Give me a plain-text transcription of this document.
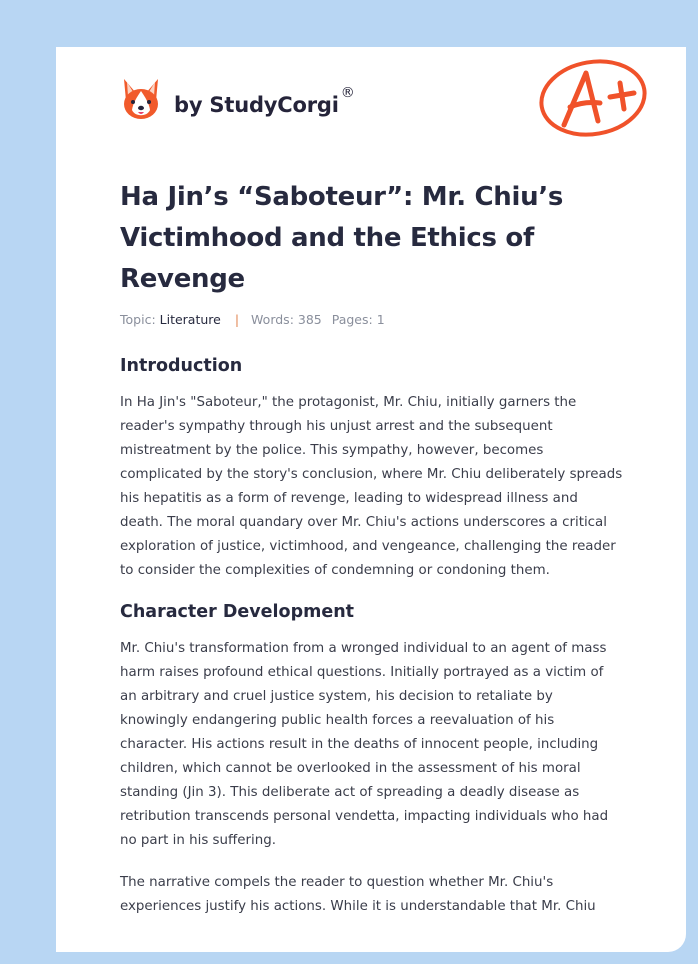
by StudyCorgi ®
Ha Jin’s “Saboteur”: Mr. Chiu’s Victimhood and the Ethics of Revenge
Topic: Literature | Words: 385 Pages: 1
Introduction

In Ha Jin's "Saboteur," the protagonist, Mr. Chiu, initially garners the reader's sympathy through his unjust arrest and the subsequent mistreatment by the police. This sympathy, however, becomes complicated by the story's conclusion, where Mr. Chiu deliberately spreads his hepatitis as a form of revenge, leading to widespread illness and death. The moral quandary over Mr. Chiu's actions underscores a critical exploration of justice, victimhood, and vengeance, challenging the reader to consider the complexities of condemning or condoning them.

Character Development

Mr. Chiu's transformation from a wronged individual to an agent of mass harm raises profound ethical questions. Initially portrayed as a victim of an arbitrary and cruel justice system, his decision to retaliate by knowingly endangering public health forces a reevaluation of his character. His actions result in the deaths of innocent people, including children, which cannot be overlooked in the assessment of his moral standing (Jin 3). This deliberate act of spreading a deadly disease as retribution transcends personal vendetta, impacting individuals who had no part in his suffering.

The narrative compels the reader to question whether Mr. Chiu's experiences justify his actions. While it is understandable that Mr. Chiu
